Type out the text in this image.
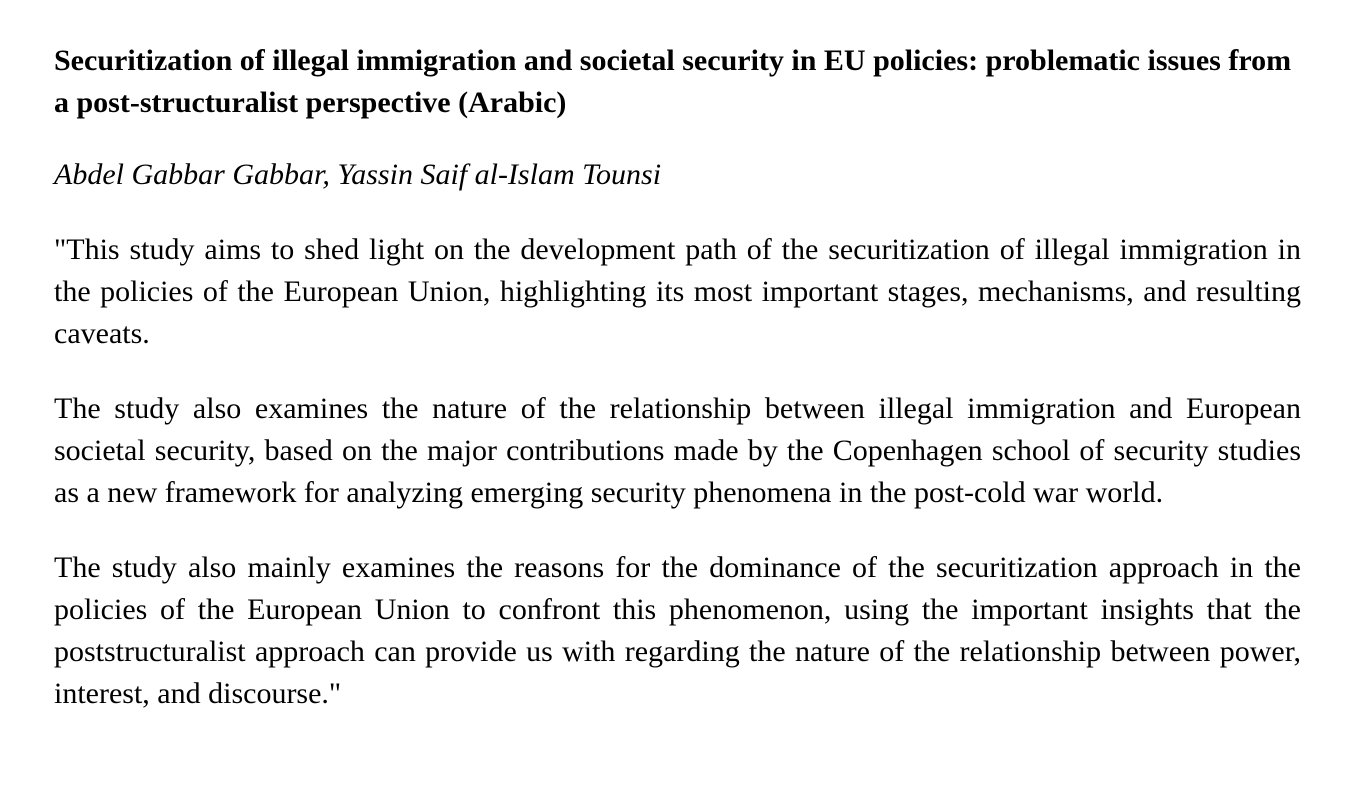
Securitization of illegal immigration and societal security in EU policies: problematic issues from a post-structuralist perspective (Arabic)

Abdel Gabbar Gabbar, Yassin Saif al-Islam Tounsi

"This study aims to shed light on the development path of the securitization of illegal immigration in the policies of the European Union, highlighting its most important stages, mechanisms, and resulting caveats.

The study also examines the nature of the relationship between illegal immigration and European societal security, based on the major contributions made by the Copenhagen school of security studies as a new framework for analyzing emerging security phenomena in the post-cold war world.

The study also mainly examines the reasons for the dominance of the securitization approach in the policies of the European Union to confront this phenomenon, using the important insights that the poststructuralist approach can provide us with regarding the nature of the relationship between power, interest, and discourse."
